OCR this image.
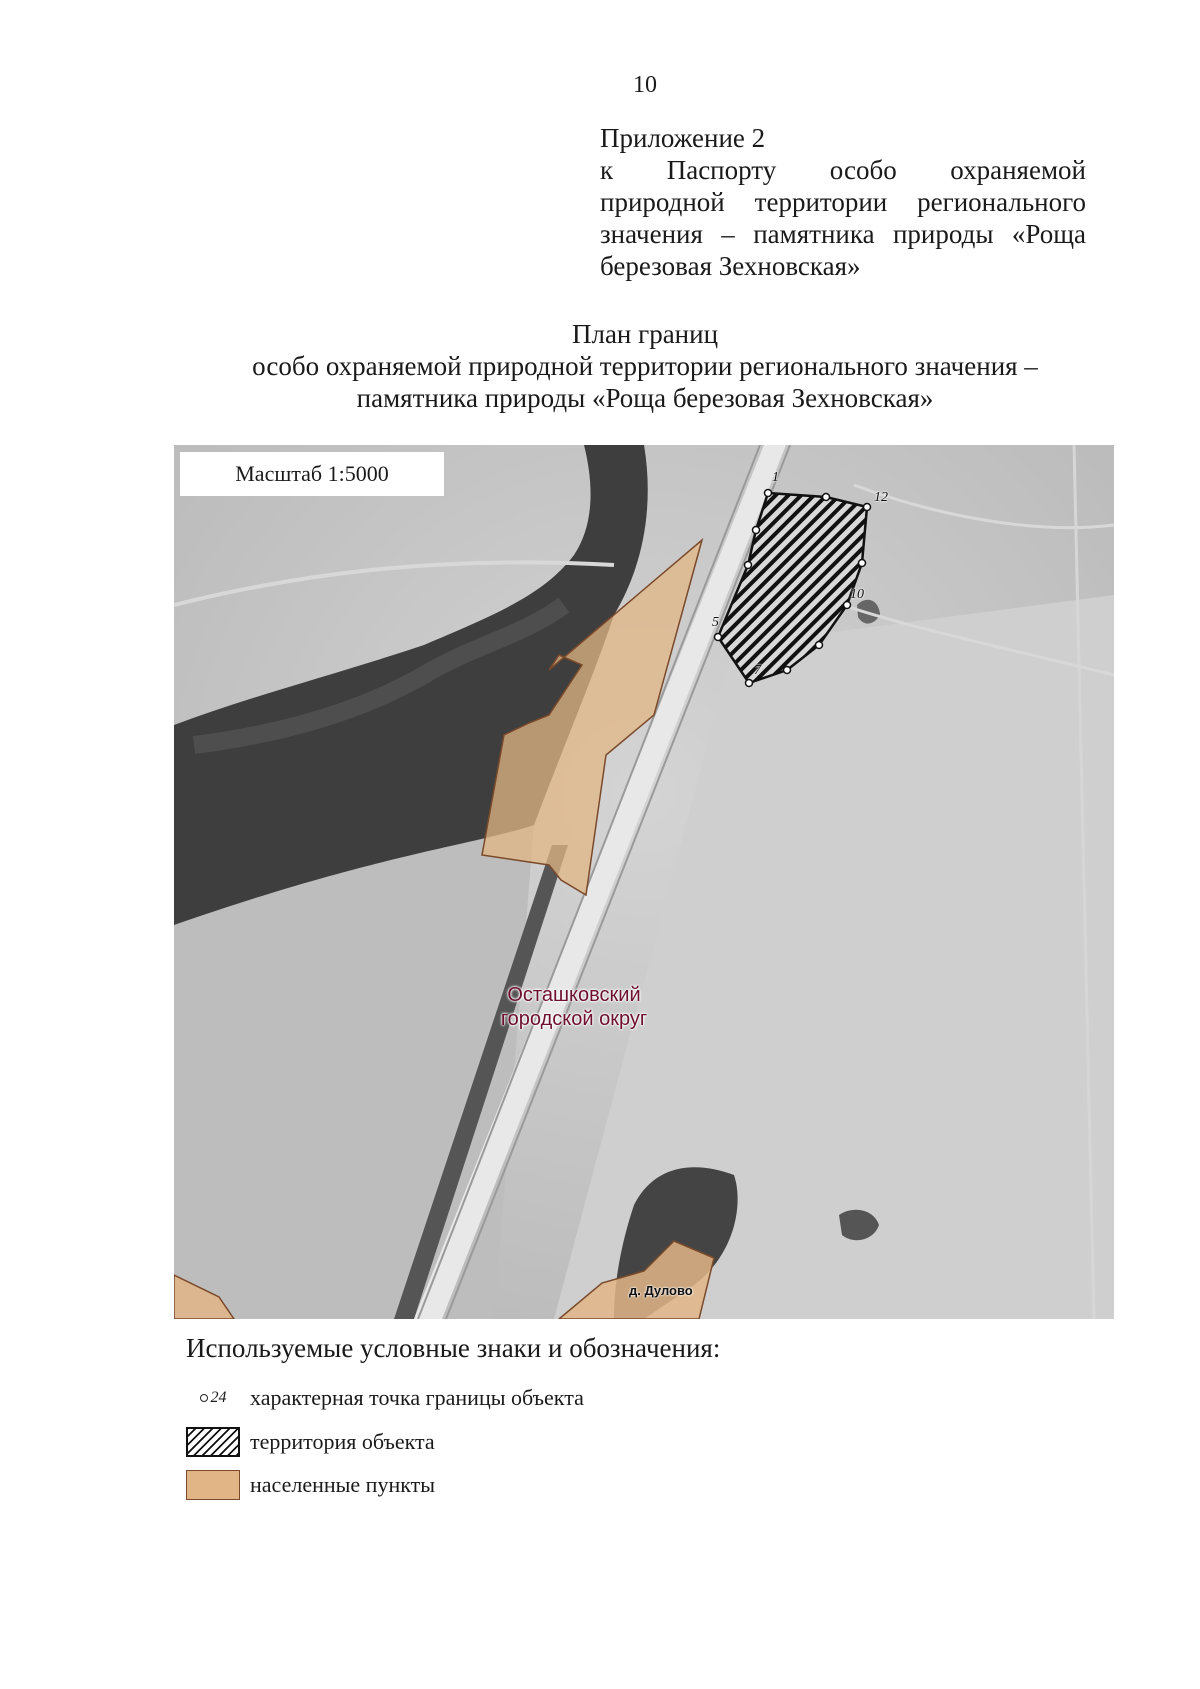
10
Приложение 2
к Паспорту особо охраняемой
природной территории регионального
значения – памятника природы «Роща
березовая Зехновская»
План границ
особо охраняемой природной территории регионального значения –
памятника природы «Роща березовая Зехновская»
Масштаб 1:5000	1
12
10
5
7
Осташковский
городской округ
д. Дулово
Используемые условные знаки и обозначения:
24 характерная точка границы объекта
территория объекта
населенные пункты
